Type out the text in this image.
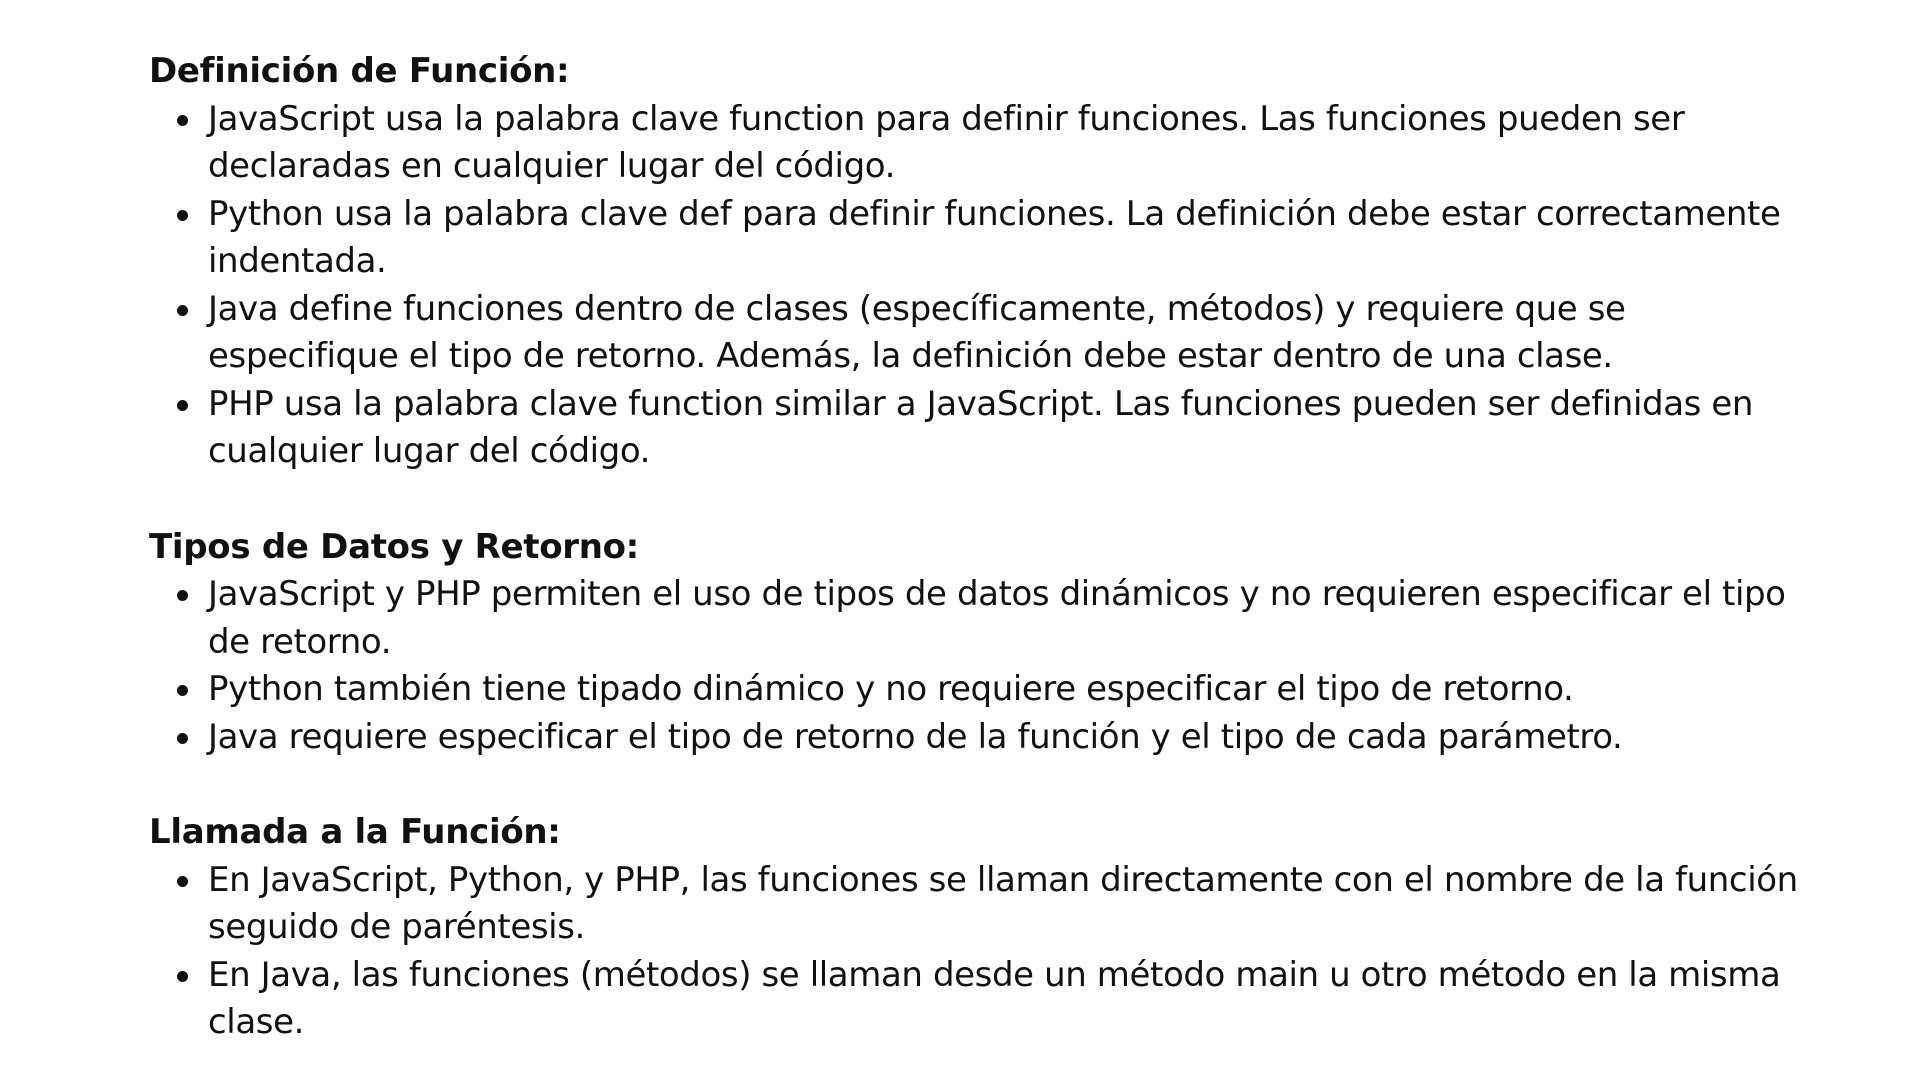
Definición de Función:
JavaScript usa la palabra clave function para definir funciones. Las funciones pueden ser declaradas en cualquier lugar del código.
Python usa la palabra clave def para definir funciones. La definición debe estar correctamente indentada.
Java define funciones dentro de clases (específicamente, métodos) y requiere que se especifique el tipo de retorno. Además, la definición debe estar dentro de una clase.
PHP usa la palabra clave function similar a JavaScript. Las funciones pueden ser definidas en cualquier lugar del código.
Tipos de Datos y Retorno:
JavaScript y PHP permiten el uso de tipos de datos dinámicos y no requieren especificar el tipo de retorno.
Python también tiene tipado dinámico y no requiere especificar el tipo de retorno.
Java requiere especificar el tipo de retorno de la función y el tipo de cada parámetro.
Llamada a la Función:
En JavaScript, Python, y PHP, las funciones se llaman directamente con el nombre de la función seguido de paréntesis.
En Java, las funciones (métodos) se llaman desde un método main u otro método en la misma clase.
